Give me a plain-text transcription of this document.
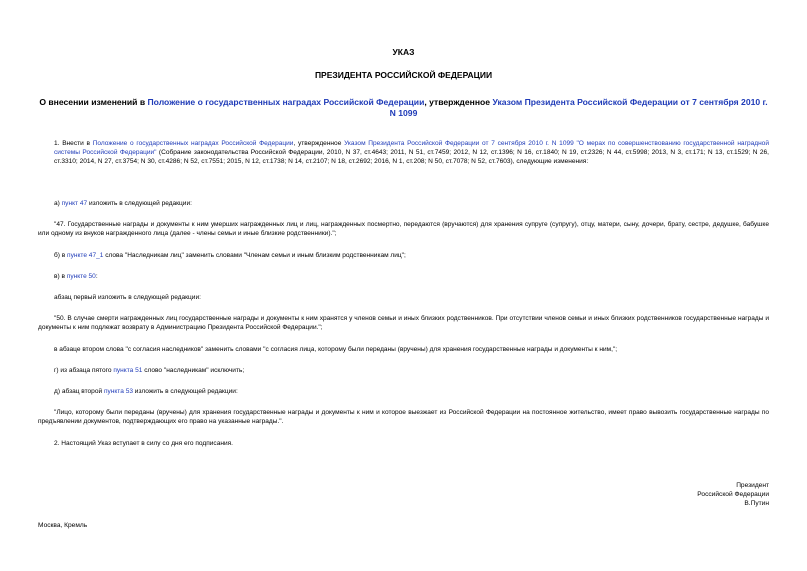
УКАЗ
ПРЕЗИДЕНТА РОССИЙСКОЙ ФЕДЕРАЦИИ
О внесении изменений в Положение о государственных наградах Российской Федерации, утвержденное Указом Президента Российской Федерации от 7 сентября 2010 г. N 1099
1. Внести в Положение о государственных наградах Российской Федерации, утвержденное Указом Президента Российской Федерации от 7 сентября 2010 г. N 1099 "О мерах по совершенствованию государственной наградной системы Российской Федерации" (Собрание законодательства Российской Федерации, 2010, N 37, ст.4643; 2011, N 51, ст.7459; 2012, N 12, ст.1396; N 16, ст.1840; N 19, ст.2326; N 44, ст.5998; 2013, N 3, ст.171; N 13, ст.1529; N 26, ст.3310; 2014, N 27, ст.3754; N 30, ст.4286; N 52, ст.7551; 2015, N 12, ст.1738; N 14, ст.2107; N 18, ст.2692; 2016, N 1, ст.208; N 50, ст.7078; N 52, ст.7603), следующие изменения:
а) пункт 47 изложить в следующей редакции:
"47. Государственные награды и документы к ним умерших награжденных лиц и лиц, награжденных посмертно, передаются (вручаются) для хранения супруге (супругу), отцу, матери, сыну, дочери, брату, сестре, дедушке, бабушке или одному из внуков награжденного лица (далее - члены семьи и иные близкие родственники).";
б) в пункте 47_1 слова "Наследникам лиц" заменить словами "Членам семьи и иным близким родственникам лиц";
в) в пункте 50:
абзац первый изложить в следующей редакции:
"50. В случае смерти награжденных лиц государственные награды и документы к ним хранятся у членов семьи и иных близких родственников. При отсутствии членов семьи и иных близких родственников государственные награды и документы к ним подлежат возврату в Администрацию Президента Российской Федерации.";
в абзаце втором слова "с согласия наследников" заменить словами "с согласия лица, которому были переданы (вручены) для хранения государственные награды и документы к ним,";
г) из абзаца пятого пункта 51 слово "наследникам" исключить;
д) абзац второй пункта 53 изложить в следующей редакции:
"Лицо, которому были переданы (вручены) для хранения государственные награды и документы к ним и которое выезжает из Российской Федерации на постоянное жительство, имеет право вывозить государственные награды по предъявлении документов, подтверждающих его право на указанные награды.".
2. Настоящий Указ вступает в силу со дня его подписания.
Президент
Российской Федерации
В.Путин
Москва, Кремль
